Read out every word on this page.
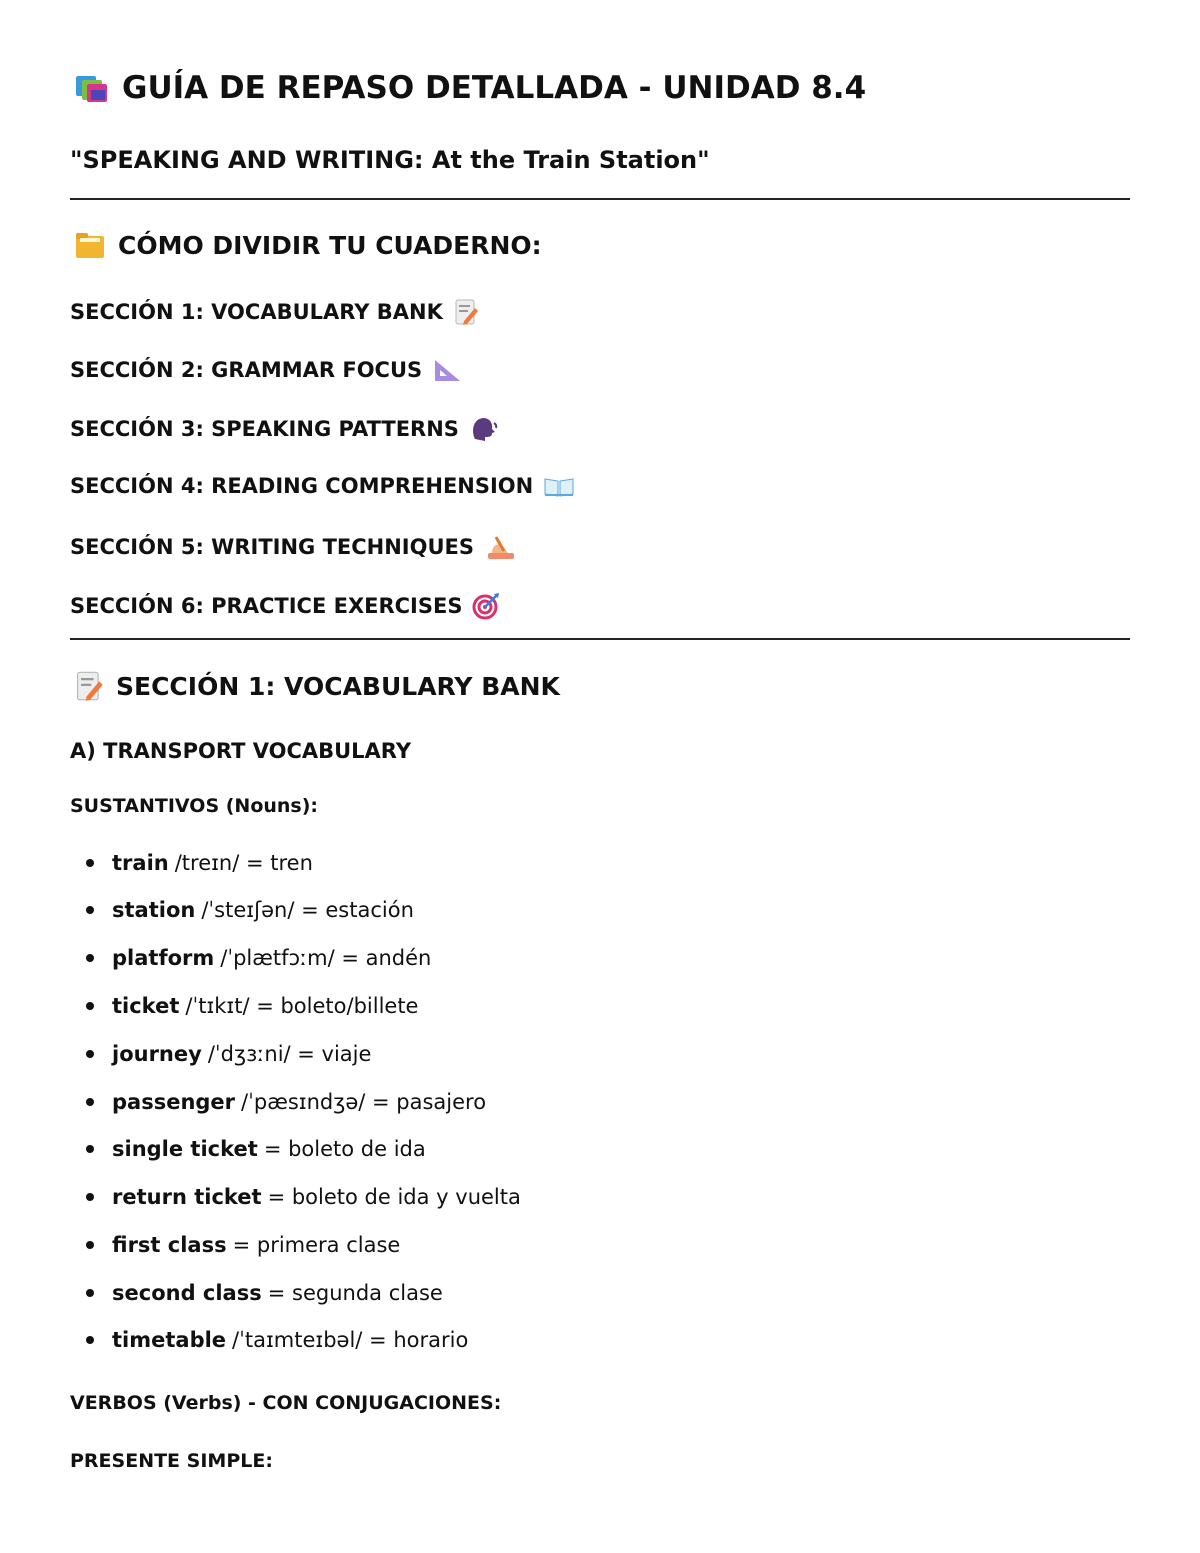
GUÍA DE REPASO DETALLADA - UNIDAD 8.4
"SPEAKING AND WRITING: At the Train Station"
CÓMO DIVIDIR TU CUADERNO:
SECCIÓN 1: VOCABULARY BANK
SECCIÓN 2: GRAMMAR FOCUS
SECCIÓN 3: SPEAKING PATTERNS
SECCIÓN 4: READING COMPREHENSION
SECCIÓN 5: WRITING TECHNIQUES
SECCIÓN 6: PRACTICE EXERCISES
SECCIÓN 1: VOCABULARY BANK
A) TRANSPORT VOCABULARY
SUSTANTIVOS (Nouns):
train /treɪn/ = tren
station /ˈsteɪʃən/ = estación
platform /ˈplætfɔːm/ = andén
ticket /ˈtɪkɪt/ = boleto/billete
journey /ˈdʒɜːni/ = viaje
passenger /ˈpæsɪndʒə/ = pasajero
single ticket = boleto de ida
return ticket = boleto de ida y vuelta
first class = primera clase
second class = segunda clase
timetable /ˈtaɪmteɪbəl/ = horario
VERBOS (Verbs) - CON CONJUGACIONES:
PRESENTE SIMPLE:
